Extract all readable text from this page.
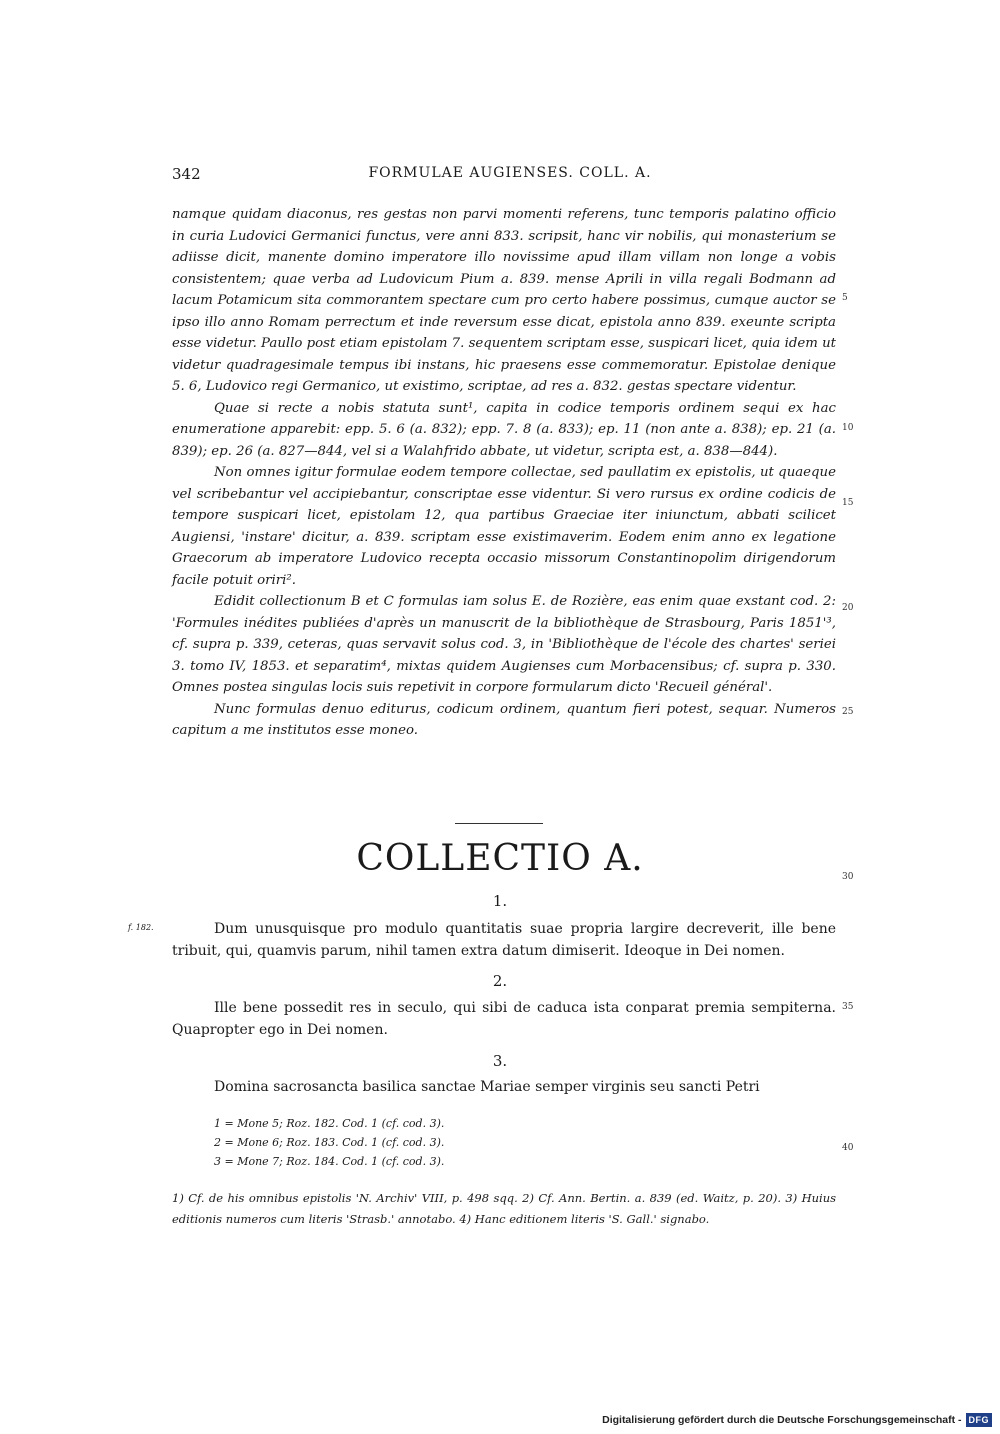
342	FORMULAE AUGIENSES. COLL. A.

namque quidam diaconus, res gestas non parvi momenti referens, tunc temporis palatino officio in curia Ludovici Germanici functus, vere anni 833. scripsit, hanc vir nobilis, qui monasterium se adiisse dicit, manente domino imperatore illo novissime apud illam villam non longe a vobis consistentem; quae verba ad Ludovicum Pium a. 839. mense Aprili in villa regali Bodmann ad lacum Potamicum sita commorantem spectare cum pro certo habere possimus, cumque auctor se ipso illo anno Romam perrectum et inde reversum esse dicat, epistola anno 839. exeunte scripta esse videtur. Paullo post etiam epistolam 7. sequentem scriptam esse, suspicari licet, quia idem ut videtur quadragesimale tempus ibi instans, hic praesens esse commemoratur. Epistolae denique 5. 6, Ludovico regi Germanico, ut existimo, scriptae, ad res a. 832. gestas spectare videntur.

Quae si recte a nobis statuta sunt¹, capita in codice temporis ordinem sequi ex hac enumeratione apparebit: epp. 5. 6 (a. 832); epp. 7. 8 (a. 833); ep. 11 (non ante a. 838); ep. 21 (a. 839); ep. 26 (a. 827—844, vel si a Walahfrido abbate, ut videtur, scripta est, a. 838—844).

Non omnes igitur formulae eodem tempore collectae, sed paullatim ex epistolis, ut quaeque vel scribebantur vel accipiebantur, conscriptae esse videntur. Si vero rursus ex ordine codicis de tempore suspicari licet, epistolam 12, qua partibus Graeciae iter iniunctum, abbati scilicet Augiensi, 'instare' dicitur, a. 839. scriptam esse existimaverim. Eodem enim anno ex legatione Graecorum ab imperatore Ludovico recepta occasio missorum Constantinopolim dirigendorum facile potuit oriri².

Edidit collectionum B et C formulas iam solus E. de Rozière, eas enim quae exstant cod. 2: 'Formules inédites publiées d'après un manuscrit de la bibliothèque de Strasbourg, Paris 1851'³, cf. supra p. 339, ceteras, quas servavit solus cod. 3, in 'Bibliothèque de l'école des chartes' seriei 3. tomo IV, 1853. et separatim⁴, mixtas quidem Augienses cum Morbacensibus; cf. supra p. 330. Omnes postea singulas locis suis repetivit in corpore formularum dicto 'Recueil général'.

Nunc formulas denuo editurus, codicum ordinem, quantum fieri potest, sequar. Numeros capitum a me institutos esse moneo.

5
10
15
20
25
30
35
40
COLLECTIO A.
1.
f. 182.	Dum unusquisque pro modulo quantitatis suae propria largire decreverit, ille bene tribuit, qui, quamvis parum, nihil tamen extra datum dimiserit. Ideoque in Dei nomen.
2.
Ille bene possedit res in seculo, qui sibi de caduca ista conparat premia sempiterna. Quapropter ego in Dei nomen.
3.
Domina sacrosancta basilica sanctae Mariae semper virginis seu sancti Petri
1 = Mone 5; Roz. 182. Cod. 1 (cf. cod. 3).
2 = Mone 6; Roz. 183. Cod. 1 (cf. cod. 3).
3 = Mone 7; Roz. 184. Cod. 1 (cf. cod. 3).
1) Cf. de his omnibus epistolis 'N. Archiv' VIII, p. 498 sqq. 2) Cf. Ann. Bertin. a. 839 (ed. Waitz, p. 20). 3) Huius editionis numeros cum literis 'Strasb.' annotabo. 4) Hanc editionem literis 'S. Gall.' signabo.
Digitalisierung gefördert durch die Deutsche Forschungsgemeinschaft - DFG
